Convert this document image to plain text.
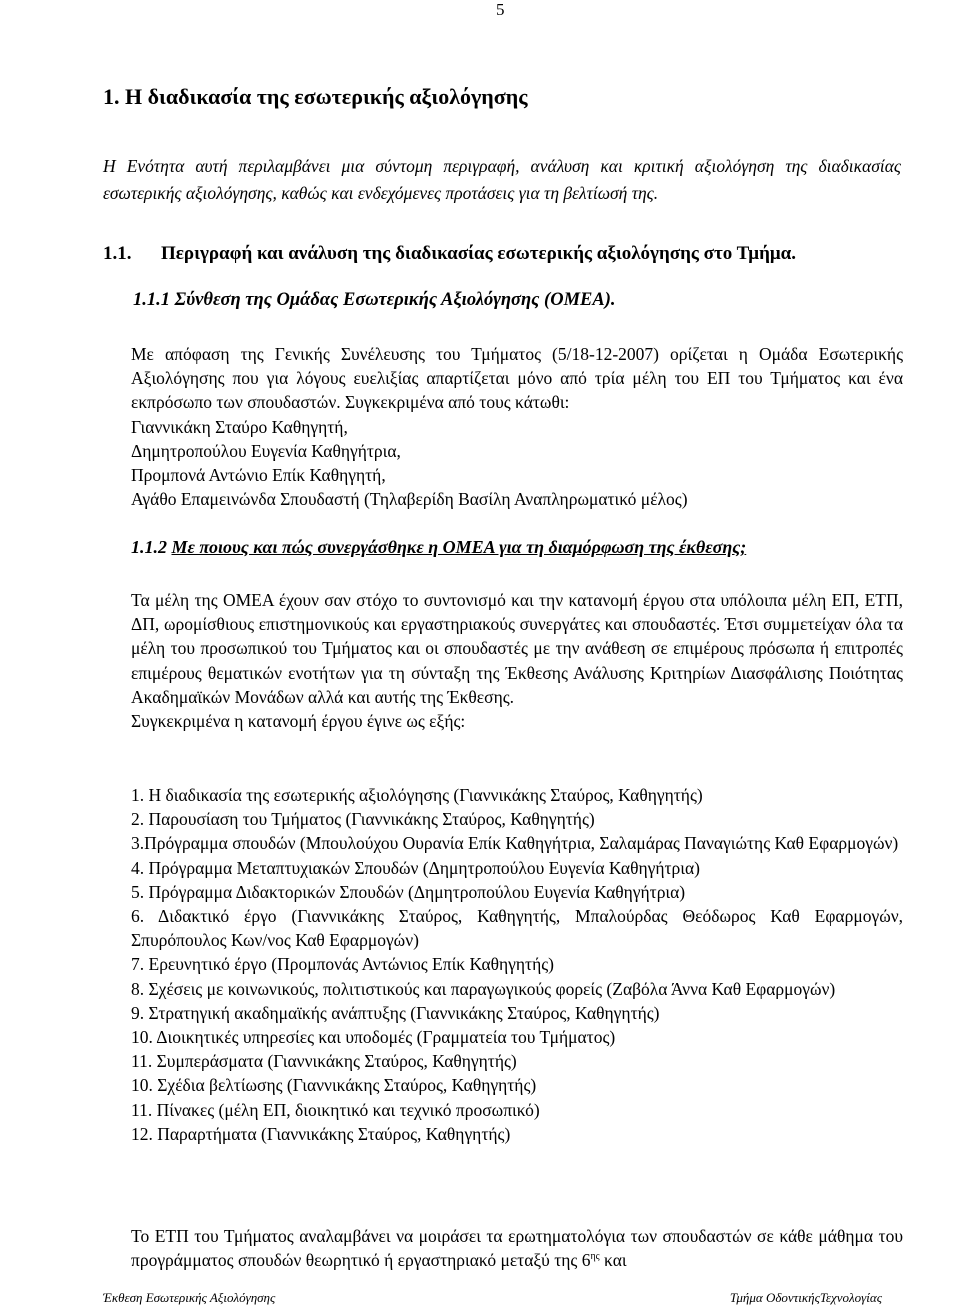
5
1. Η διαδικασία της εσωτερικής αξιολόγησης

Η Ενότητα αυτή περιλαμβάνει μια σύντομη περιγραφή, ανάλυση και κριτική αξιολόγηση της διαδικασίας εσωτερικής αξιολόγησης, καθώς και ενδεχόμενες προτάσεις για τη βελτίωσή της.

1.1. Περιγραφή και ανάλυση της διαδικασίας εσωτερικής αξιολόγησης στο Τμήμα.
1.1.1 Σύνθεση της Ομάδας Εσωτερικής Αξιολόγησης (ΟΜΕΑ).

Με απόφαση της Γενικής Συνέλευσης του Τμήματος (5/18-12-2007) ορίζεται η Ομάδα Εσωτερικής Αξιολόγησης που για λόγους ευελιξίας απαρτίζεται μόνο από τρία μέλη του ΕΠ του Τμήματος και ένα εκπρόσωπο των σπουδαστών. Συγκεκριμένα από τους κάτωθι:

Γιαννικάκη Σταύρο Καθηγητή,
Δημητροπούλου Ευγενία Καθηγήτρια,
Προμπονά Αντώνιο Επίκ Καθηγητή,
Αγάθο Επαμεινώνδα Σπουδαστή (Τηλαβερίδη Βασίλη Αναπληρωματικό μέλος)
1.1.2 Με ποιους και πώς συνεργάσθηκε η ΟΜΕΑ για τη διαμόρφωση της έκθεσης;

Τα μέλη της ΟΜΕΑ έχουν σαν στόχο το συντονισμό και την κατανομή έργου στα υπόλοιπα μέλη ΕΠ, ΕΤΠ, ΔΠ, ωρομίσθιους επιστημονικούς και εργαστηριακούς συνεργάτες και σπουδαστές. Έτσι συμμετείχαν όλα τα μέλη του προσωπικού του Τμήματος και οι σπουδαστές με την ανάθεση σε επιμέρους πρόσωπα ή επιτροπές επιμέρους θεματικών ενοτήτων για τη σύνταξη της Έκθεσης Ανάλυσης Κριτηρίων Διασφάλισης Ποιότητας Ακαδημαϊκών Μονάδων αλλά και αυτής της Έκθεσης.

Συγκεκριμένα η κατανομή έργου έγινε ως εξής:
1. Η διαδικασία της εσωτερικής αξιολόγησης (Γιαννικάκης Σταύρος, Καθηγητής)
2. Παρουσίαση του Τμήματος (Γιαννικάκης Σταύρος, Καθηγητής)
3.Πρόγραμμα σπουδών (Μπουλούχου Ουρανία Επίκ Καθηγήτρια, Σαλαμάρας Παναγιώτης Καθ Εφαρμογών)
4. Πρόγραμμα Μεταπτυχιακών Σπουδών (Δημητροπούλου Ευγενία Καθηγήτρια)
5. Πρόγραμμα Διδακτορικών Σπουδών (Δημητροπούλου Ευγενία Καθηγήτρια)
6. Διδακτικό έργο (Γιαννικάκης Σταύρος, Καθηγητής, Μπαλούρδας Θεόδωρος Καθ Εφαρμογών, Σπυρόπουλος Κων/νος Καθ Εφαρμογών)
7. Ερευνητικό έργο (Προμπονάς Αντώνιος Επίκ Καθηγητής)
8. Σχέσεις με κοινωνικούς, πολιτιστικούς και παραγωγικούς φορείς (Ζαβόλα Άννα Καθ Εφαρμογών)
9. Στρατηγική ακαδημαϊκής ανάπτυξης (Γιαννικάκης Σταύρος, Καθηγητής)
10. Διοικητικές υπηρεσίες και υποδομές (Γραμματεία του Τμήματος)
11. Συμπεράσματα (Γιαννικάκης Σταύρος, Καθηγητής)
10. Σχέδια βελτίωσης (Γιαννικάκης Σταύρος, Καθηγητής)
11. Πίνακες (μέλη ΕΠ, διοικητικό και τεχνικό προσωπικό)
12. Παραρτήματα (Γιαννικάκης Σταύρος, Καθηγητής)

Το ΕΤΠ του Τμήματος αναλαμβάνει να μοιράσει τα ερωτηματολόγια των σπουδαστών σε κάθε μάθημα του προγράμματος σπουδών θεωρητικό ή εργαστηριακό μεταξύ της $6^{\eta\varsigma}$ και

Έκθεση Εσωτερικής Αξιολόγησης	Τμήμα ΟδοντικήςΤεχνολογίας
